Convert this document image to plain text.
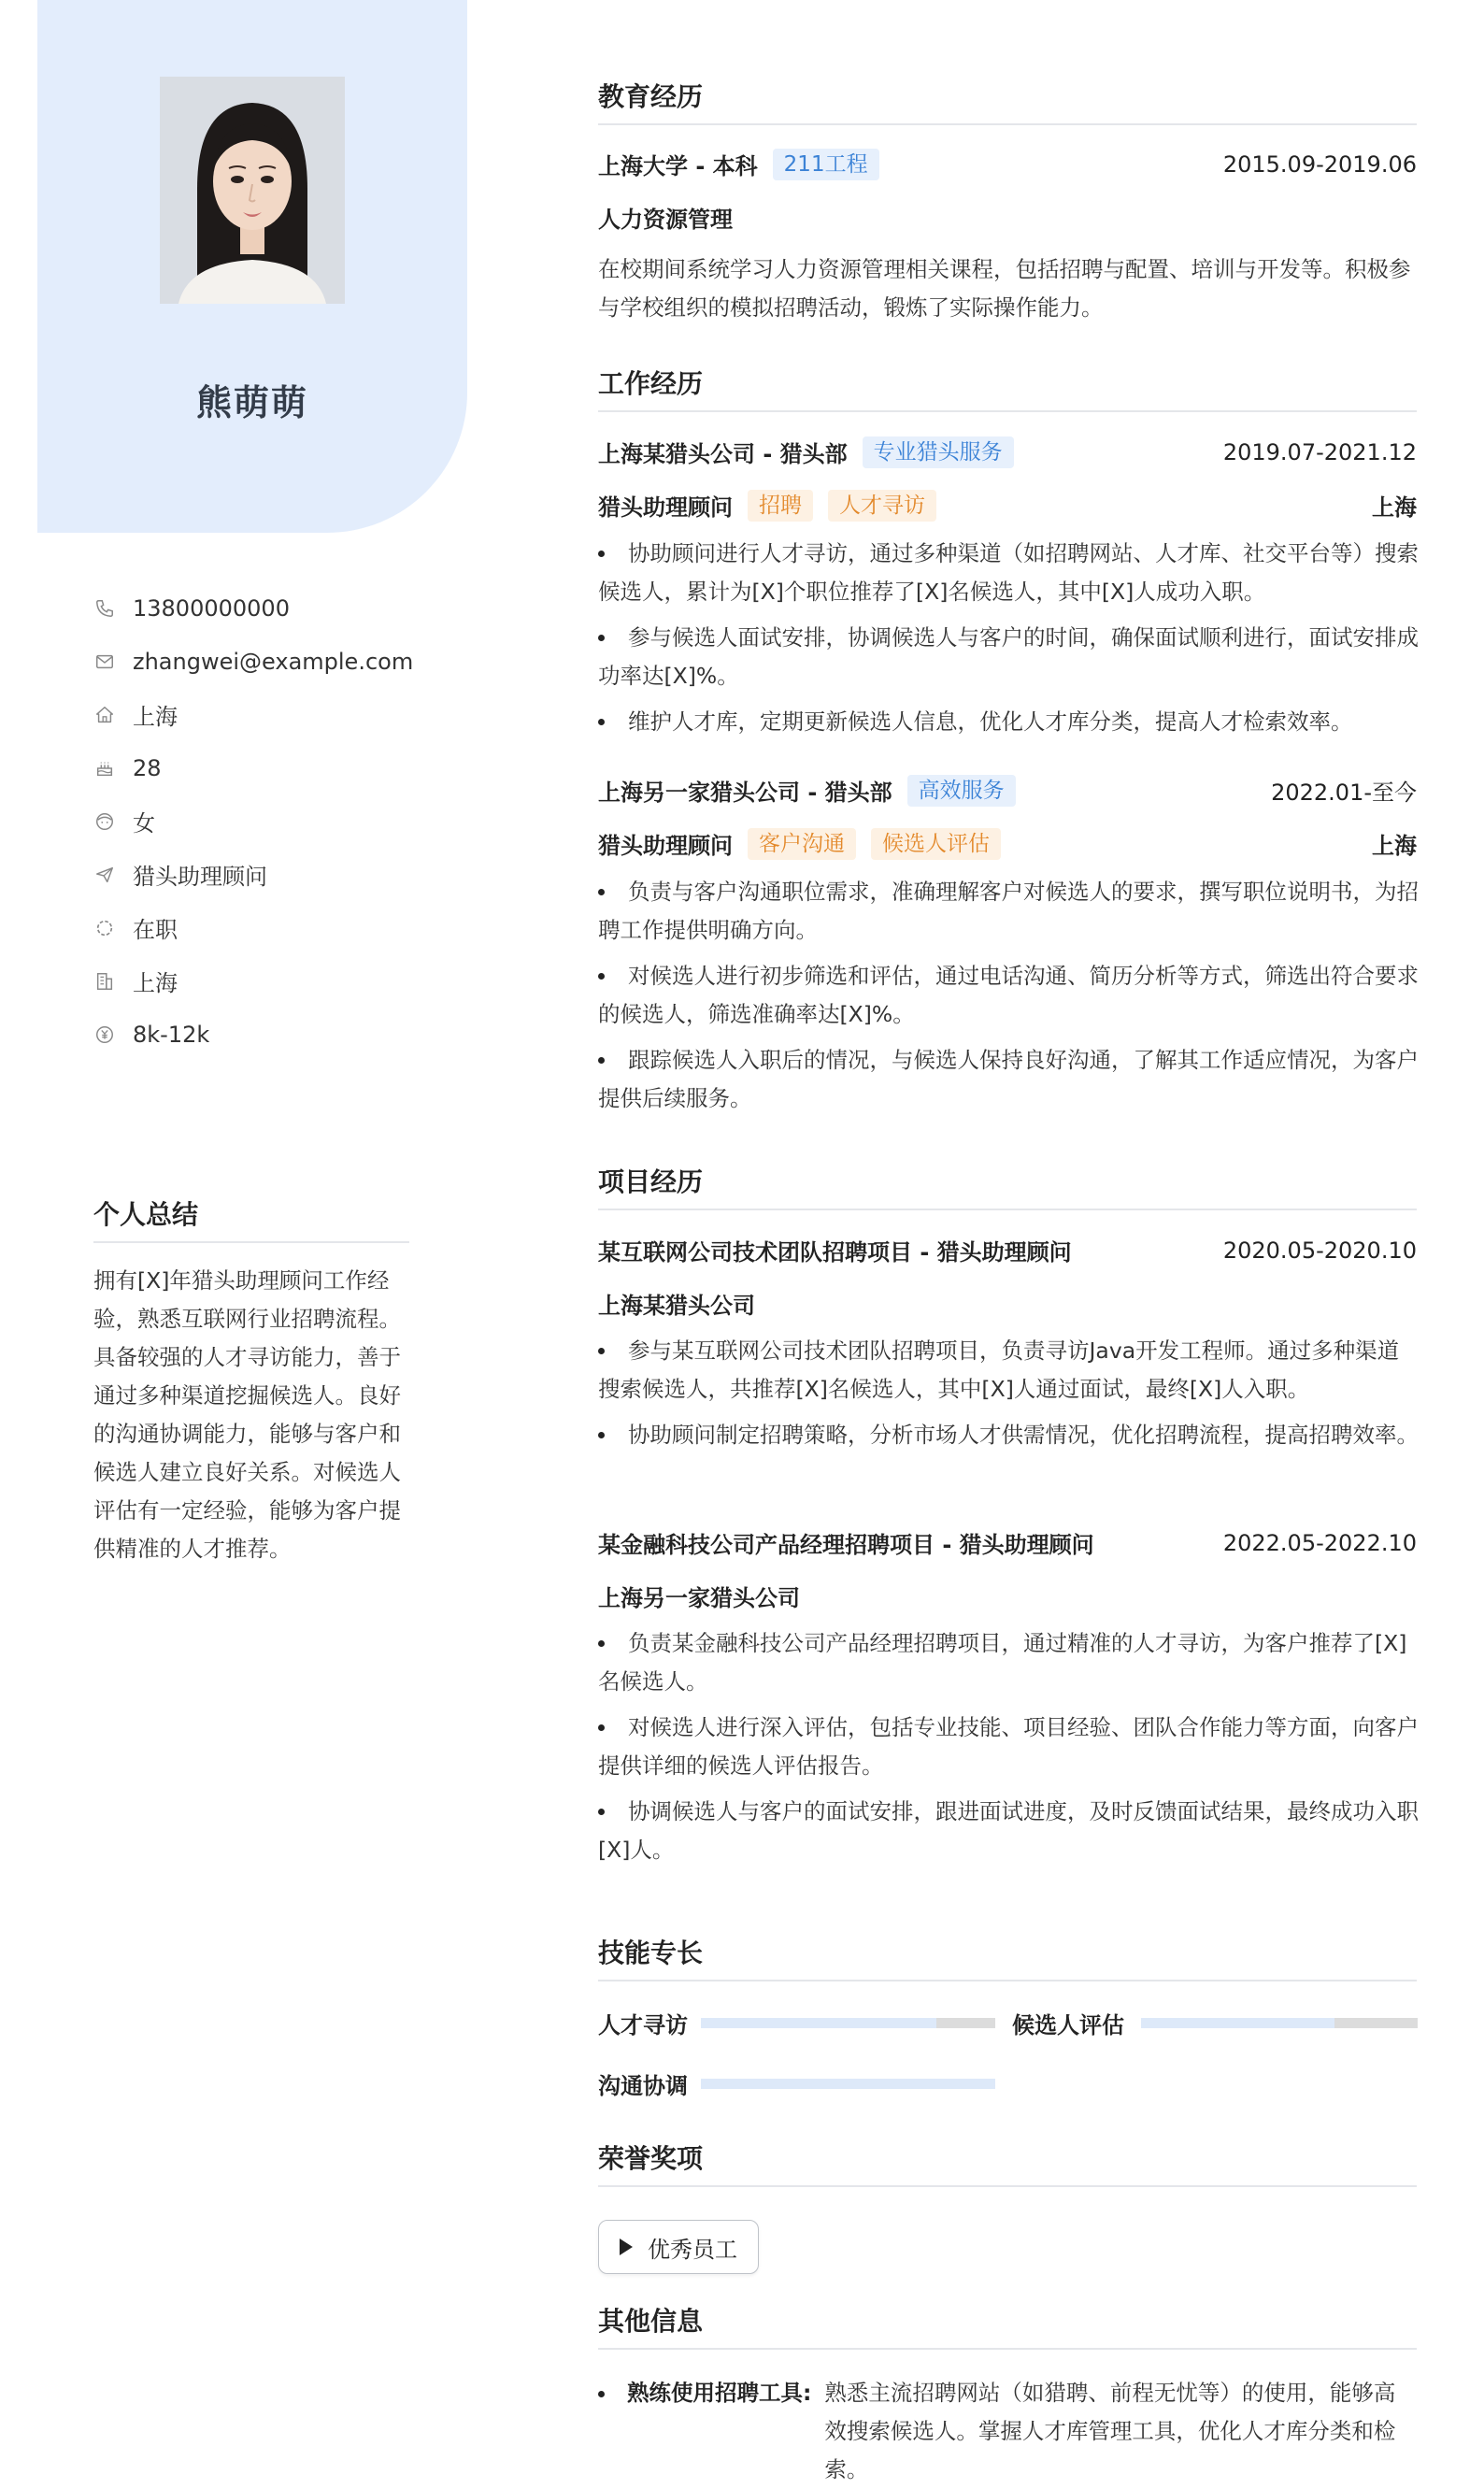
熊萌萌
13800000000
zhangwei@example.com
上海
28
女
猎头助理顾问
在职
上海
8k-12k
个人总结
拥有[X]年猎头助理顾问工作经验，熟悉互联网行业招聘流程。具备较强的人才寻访能力，善于通过多种渠道挖掘候选人。良好的沟通协调能力，能够与客户和候选人建立良好关系。对候选人评估有一定经验，能够为客户提供精准的人才推荐。
教育经历
上海大学 - 本科	211工程	2015.09-2019.06
人力资源管理
在校期间系统学习人力资源管理相关课程，包括招聘与配置、培训与开发等。积极参与学校组织的模拟招聘活动，锻炼了实际操作能力。
工作经历
上海某猎头公司 - 猎头部	专业猎头服务	2019.07-2021.12
猎头助理顾问	招聘	人才寻访	上海
协助顾问进行人才寻访，通过多种渠道（如招聘网站、人才库、社交平台等）搜索候选人，累计为[X]个职位推荐了[X]名候选人，其中[X]人成功入职。
参与候选人面试安排，协调候选人与客户的时间，确保面试顺利进行，面试安排成功率达[X]%。
维护人才库，定期更新候选人信息，优化人才库分类，提高人才检索效率。
上海另一家猎头公司 - 猎头部	高效服务	2022.01-至今
猎头助理顾问	客户沟通	候选人评估	上海
负责与客户沟通职位需求，准确理解客户对候选人的要求，撰写职位说明书，为招聘工作提供明确方向。
对候选人进行初步筛选和评估，通过电话沟通、简历分析等方式，筛选出符合要求的候选人，筛选准确率达[X]%。
跟踪候选人入职后的情况，与候选人保持良好沟通，了解其工作适应情况，为客户提供后续服务。
项目经历
某互联网公司技术团队招聘项目 - 猎头助理顾问	2020.05-2020.10
上海某猎头公司
参与某互联网公司技术团队招聘项目，负责寻访Java开发工程师。通过多种渠道搜索候选人，共推荐[X]名候选人，其中[X]人通过面试，最终[X]人入职。
协助顾问制定招聘策略，分析市场人才供需情况，优化招聘流程，提高招聘效率。
某金融科技公司产品经理招聘项目 - 猎头助理顾问	2022.05-2022.10
上海另一家猎头公司
负责某金融科技公司产品经理招聘项目，通过精准的人才寻访，为客户推荐了[X]名候选人。
对候选人进行深入评估，包括专业技能、项目经验、团队合作能力等方面，向客户提供详细的候选人评估报告。
协调候选人与客户的面试安排，跟进面试进度，及时反馈面试结果，最终成功入职[X]人。
技能专长
人才寻访	候选人评估
沟通协调
荣誉奖项
优秀员工
其他信息
熟练使用招聘工具: 熟悉主流招聘网站（如猎聘、前程无忧等）的使用，能够高效搜索候选人。掌握人才库管理工具，优化人才库分类和检索。
